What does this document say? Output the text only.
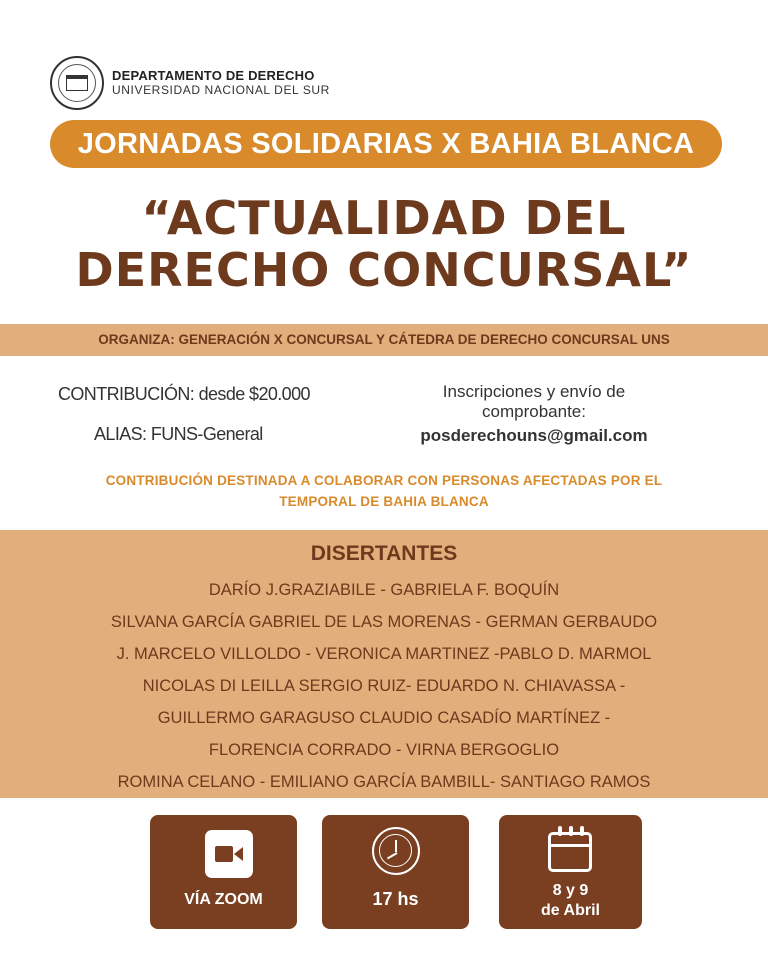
DEPARTAMENTO DE DERECHO
UNIVERSIDAD NACIONAL DEL SUR
JORNADAS SOLIDARIAS X BAHIA BLANCA
“ACTUALIDAD DEL
DERECHO CONCURSAL”
ORGANIZA: GENERACIÓN X CONCURSAL Y CÁTEDRA DE DERECHO CONCURSAL UNS
CONTRIBUCIÓN: desde $20.000
ALIAS: FUNS-General
Inscripciones y envío de
comprobante:
posderechouns@gmail.com
CONTRIBUCIÓN DESTINADA A COLABORAR CON PERSONAS AFECTADAS POR EL
TEMPORAL DE BAHIA BLANCA
DISERTANTES
DARÍO J.GRAZIABILE - GABRIELA F. BOQUÍN
SILVANA GARCÍA GABRIEL DE LAS MORENAS - GERMAN GERBAUDO
J. MARCELO VILLOLDO - VERONICA MARTINEZ -PABLO D. MARMOL
NICOLAS DI LEILLA SERGIO RUIZ- EDUARDO N. CHIAVASSA -
GUILLERMO GARAGUSO CLAUDIO CASADÍO MARTÍNEZ -
FLORENCIA CORRADO - VIRNA BERGOGLIO
ROMINA CELANO - EMILIANO GARCÍA BAMBILL- SANTIAGO RAMOS
VÍA ZOOM	17 hs	8 y 9
de Abril
